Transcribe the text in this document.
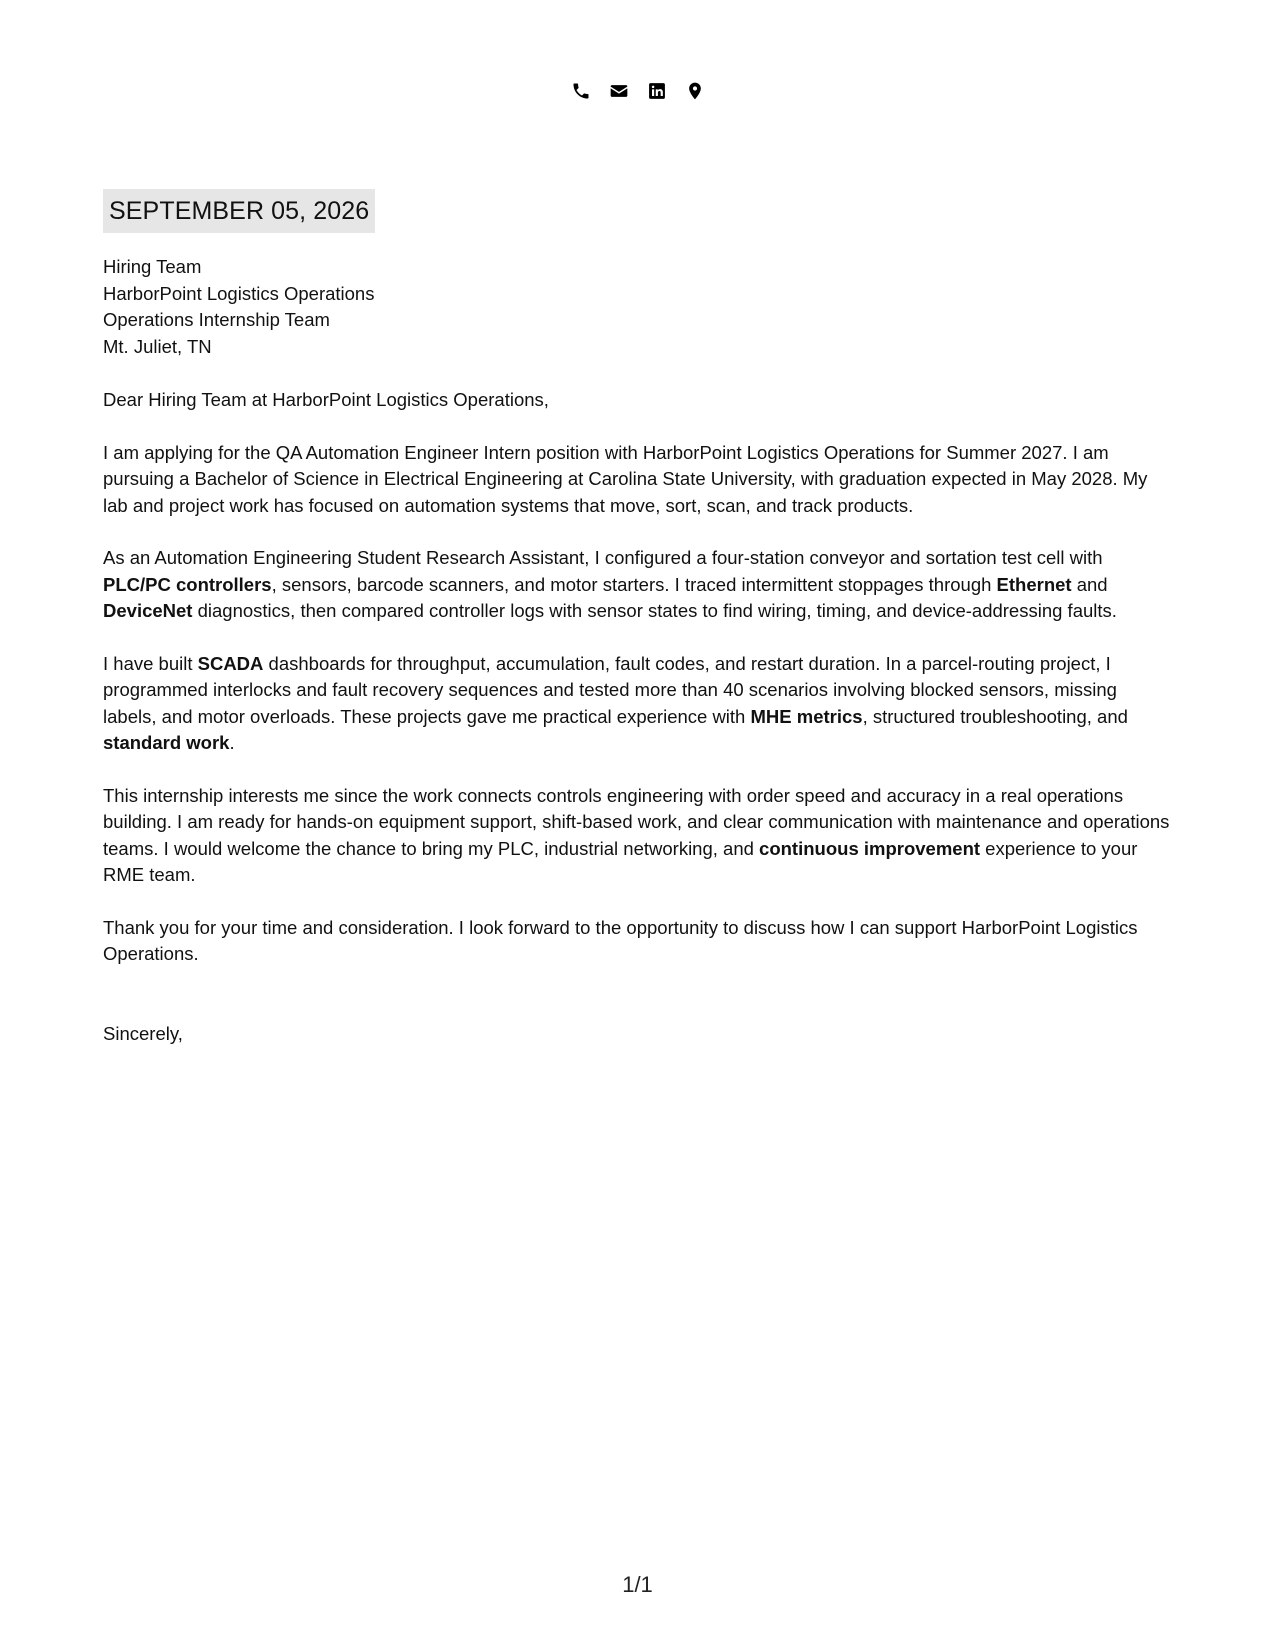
SEPTEMBER 05, 2026
Hiring Team
HarborPoint Logistics Operations
Operations Internship Team
Mt. Juliet, TN
Dear Hiring Team at HarborPoint Logistics Operations,
I am applying for the QA Automation Engineer Intern position with HarborPoint Logistics Operations for Summer 2027. I am pursuing a Bachelor of Science in Electrical Engineering at Carolina State University, with graduation expected in May 2028. My lab and project work has focused on automation systems that move, sort, scan, and track products.
As an Automation Engineering Student Research Assistant, I configured a four-station conveyor and sortation test cell with PLC/PC controllers, sensors, barcode scanners, and motor starters. I traced intermittent stoppages through Ethernet and DeviceNet diagnostics, then compared controller logs with sensor states to find wiring, timing, and device-addressing faults.
I have built SCADA dashboards for throughput, accumulation, fault codes, and restart duration. In a parcel-routing project, I programmed interlocks and fault recovery sequences and tested more than 40 scenarios involving blocked sensors, missing labels, and motor overloads. These projects gave me practical experience with MHE metrics, structured troubleshooting, and standard work.
This internship interests me since the work connects controls engineering with order speed and accuracy in a real operations building. I am ready for hands-on equipment support, shift-based work, and clear communication with maintenance and operations teams. I would welcome the chance to bring my PLC, industrial networking, and continuous improvement experience to your RME team.
Thank you for your time and consideration. I look forward to the opportunity to discuss how I can support HarborPoint Logistics Operations.
Sincerely,
1/1
